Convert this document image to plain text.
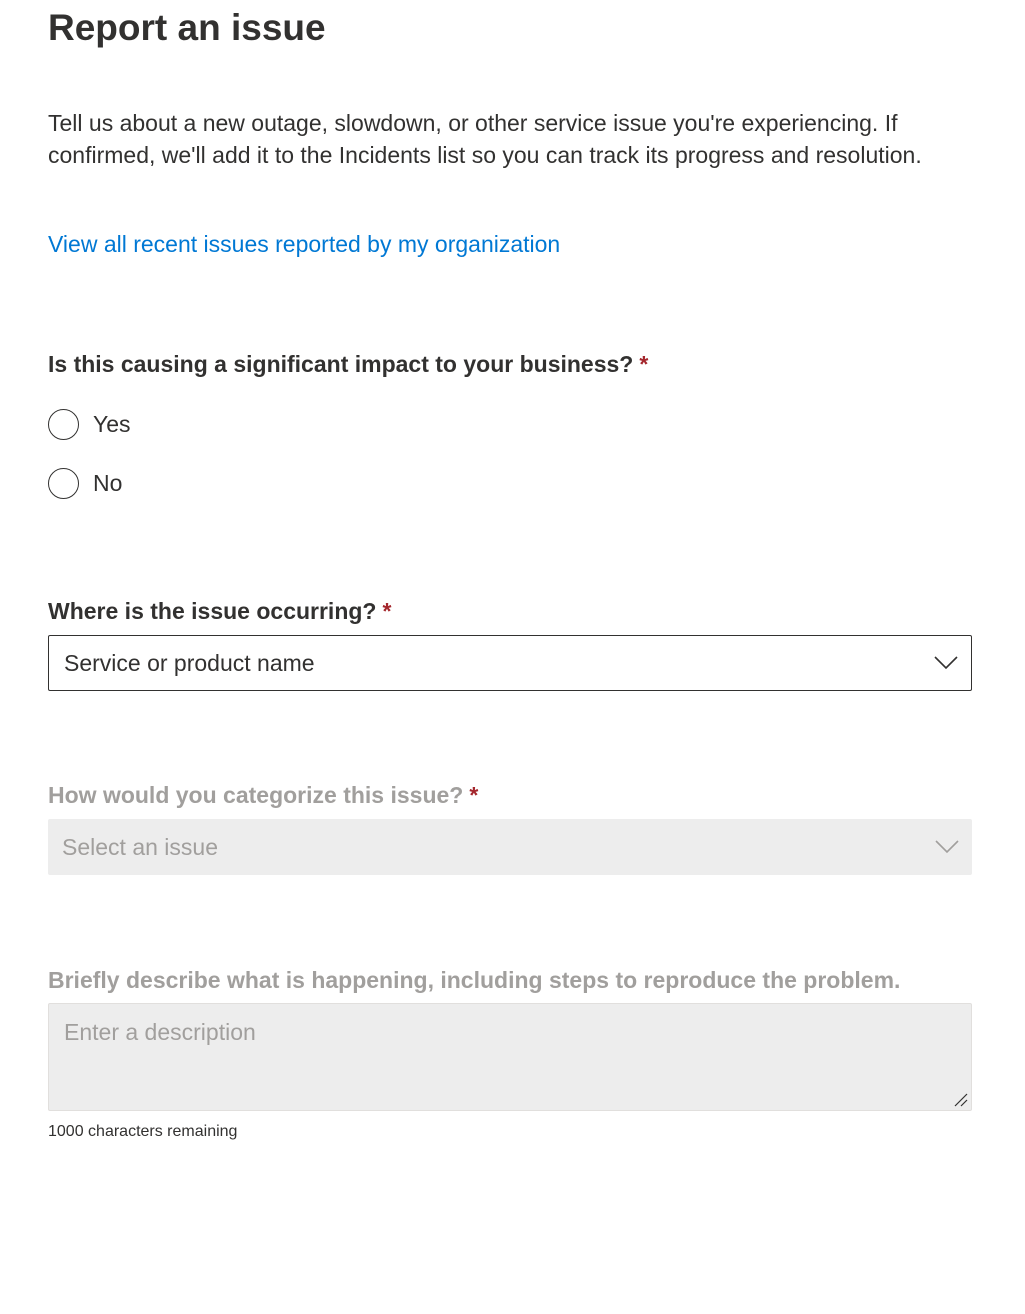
Report an issue

Tell us about a new outage, slowdown, or other service issue you're experiencing. If confirmed, we'll add it to the Incidents list so you can track its progress and resolution.

View all recent issues reported by my organization
Is this causing a significant impact to your business? *
Yes
No
Where is the issue occurring? *
Service or product name
How would you categorize this issue? *
Select an issue
Briefly describe what is happening, including steps to reproduce the problem.
Enter a description
1000 characters remaining
